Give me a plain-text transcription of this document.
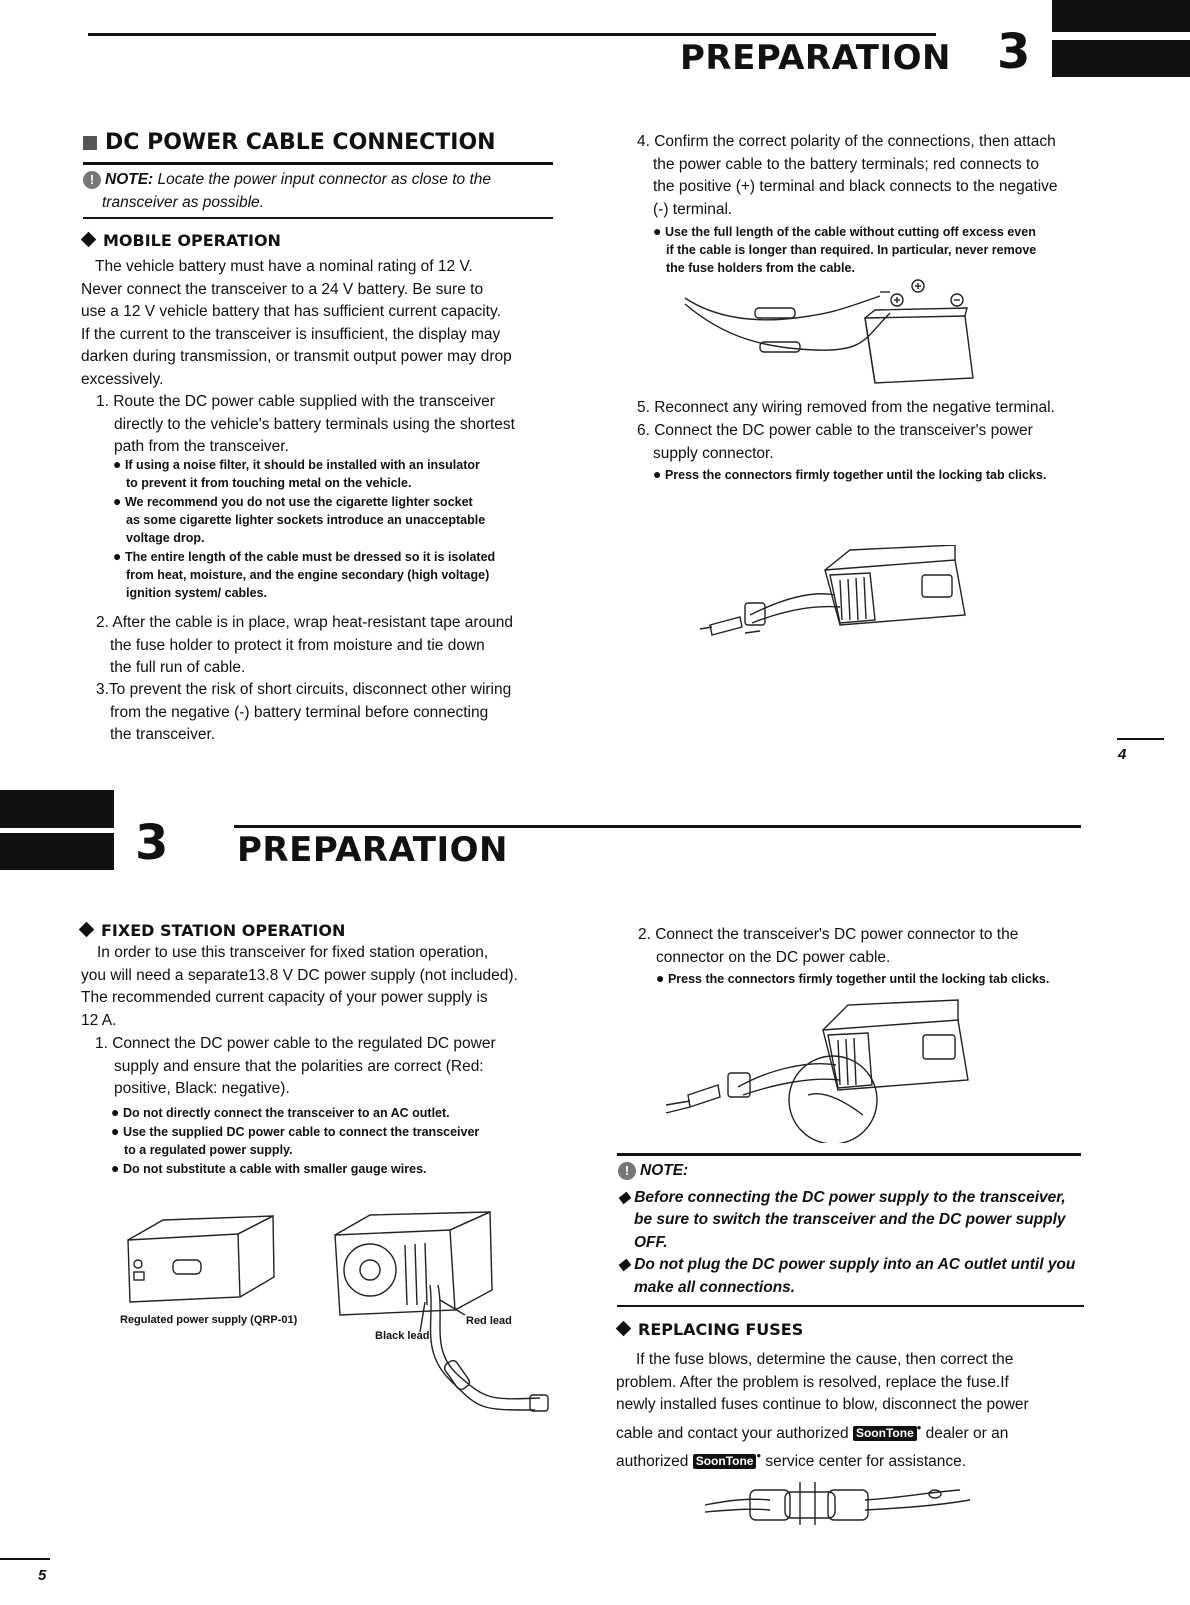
PREPARATION 3
DC POWER CABLE CONNECTION

! NOTE: Locate the power input connector as close to the

transceiver as possible.

MOBILE OPERATION

The vehicle battery must have a nominal rating of 12 V.

Never connect the transceiver to a 24 V battery. Be sure to

use a 12 V vehicle battery that has sufficient current capacity.

If the current to the transceiver is insufficient, the display may

darken during transmission, or transmit output power may drop

excessively.

1. Route the DC power cable supplied with the transceiver

directly to the vehicle's battery terminals using the shortest

path from the transceiver.

● If using a noise filter, it should be installed with an insulator

to prevent it from touching metal on the vehicle.

● We recommend you do not use the cigarette lighter socket

as some cigarette lighter sockets introduce an unacceptable

voltage drop.

● The entire length of the cable must be dressed so it is isolated

from heat, moisture, and the engine secondary (high voltage)

ignition system/ cables.

2. After the cable is in place, wrap heat-resistant tape around

the fuse holder to protect it from moisture and tie down

the full run of cable.

3.To prevent the risk of short circuits, disconnect other wiring

from the negative (-) battery terminal before connecting

the transceiver.

4. Confirm the correct polarity of the connections, then attach

the power cable to the battery terminals; red connects to

the positive (+) terminal and black connects to the negative

(-) terminal.

● Use the full length of the cable without cutting off excess even

if the cable is longer than required. In particular, never remove

the fuse holders from the cable.

5. Reconnect any wiring removed from the negative terminal.

6. Connect the DC power cable to the transceiver's power

supply connector.

● Press the connectors firmly together until the locking tab clicks.
4
3 PREPARATION
FIXED STATION OPERATION

In order to use this transceiver for fixed station operation,

you will need a separate13.8 V DC power supply (not included).

The recommended current capacity of your power supply is

12 A.

1. Connect the DC power cable to the regulated DC power

supply and ensure that the polarities are correct (Red:

positive, Black: negative).

● Do not directly connect the transceiver to an AC outlet.

● Use the supplied DC power cable to connect the transceiver

to a regulated power supply.

● Do not substitute a cable with smaller gauge wires.

Regulated power supply (QRP-01)	Red lead
Black lead

2. Connect the transceiver's DC power connector to the

connector on the DC power cable.

● Press the connectors firmly together until the locking tab clicks.

! NOTE:

◆ Before connecting the DC power supply to the transceiver,

be sure to switch the transceiver and the DC power supply

OFF.

◆ Do not plug the DC power supply into an AC outlet until you

make all connections.

REPLACING FUSES

If the fuse blows, determine the cause, then correct the

problem. After the problem is resolved, replace the fuse.If

newly installed fuses continue to blow, disconnect the power

cable and contact your authorized SoonTone • dealer or an

authorized SoonTone • service center for assistance.

5
